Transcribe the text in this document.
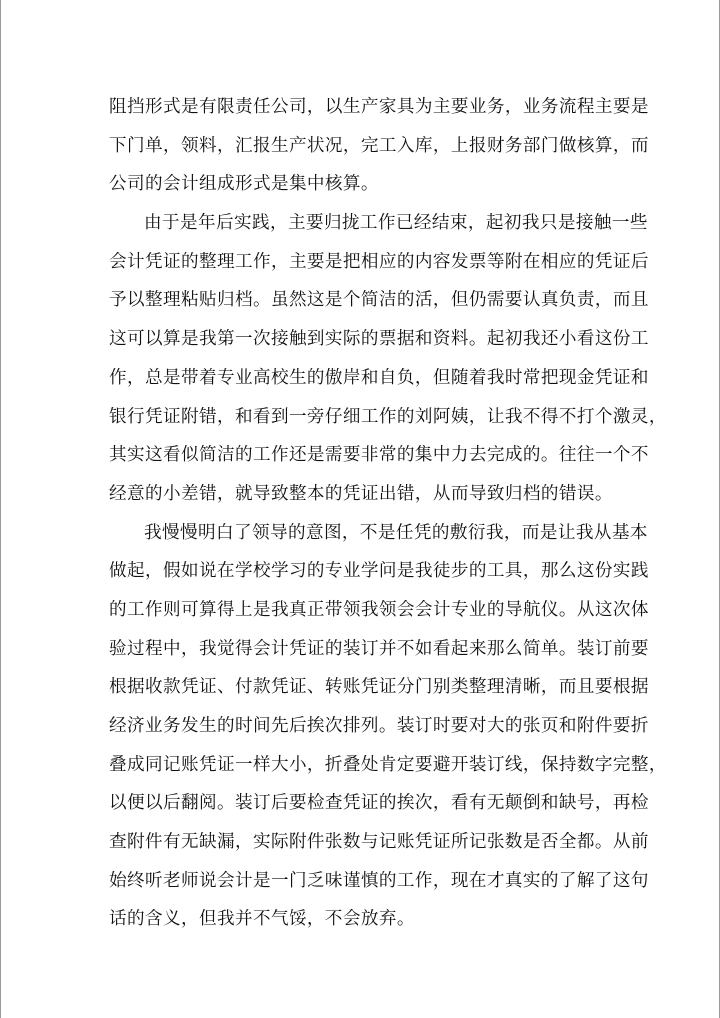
阻挡形式是有限责任公司，以生产家具为主要业务，业务流程主要是
下门单，领料，汇报生产状况，完工入库，上报财务部门做核算，而
公司的会计组成形式是集中核算。
由于是年后实践，主要归拢工作已经结束，起初我只是接触一些
会计凭证的整理工作，主要是把相应的内容发票等附在相应的凭证后
予以整理粘贴归档。虽然这是个简洁的活，但仍需要认真负责，而且
这可以算是我第一次接触到实际的票据和资料。起初我还小看这份工
作，总是带着专业高校生的傲岸和自负，但随着我时常把现金凭证和
银行凭证附错，和看到一旁仔细工作的刘阿姨，让我不得不打个激灵，
其实这看似简洁的工作还是需要非常的集中力去完成的。往往一个不
经意的小差错，就导致整本的凭证出错，从而导致归档的错误。
我慢慢明白了领导的意图，不是任凭的敷衍我，而是让我从基本
做起，假如说在学校学习的专业学问是我徒步的工具，那么这份实践
的工作则可算得上是我真正带领我领会会计专业的导航仪。从这次体
验过程中，我觉得会计凭证的装订并不如看起来那么简单。装订前要
根据收款凭证、付款凭证、转账凭证分门别类整理清晰，而且要根据
经济业务发生的时间先后挨次排列。装订时要对大的张页和附件要折
叠成同记账凭证一样大小，折叠处肯定要避开装订线，保持数字完整，
以便以后翻阅。装订后要检查凭证的挨次，看有无颠倒和缺号，再检
查附件有无缺漏，实际附件张数与记账凭证所记张数是否全都。从前
始终听老师说会计是一门乏味谨慎的工作，现在才真实的了解了这句
话的含义，但我并不气馁，不会放弃。
